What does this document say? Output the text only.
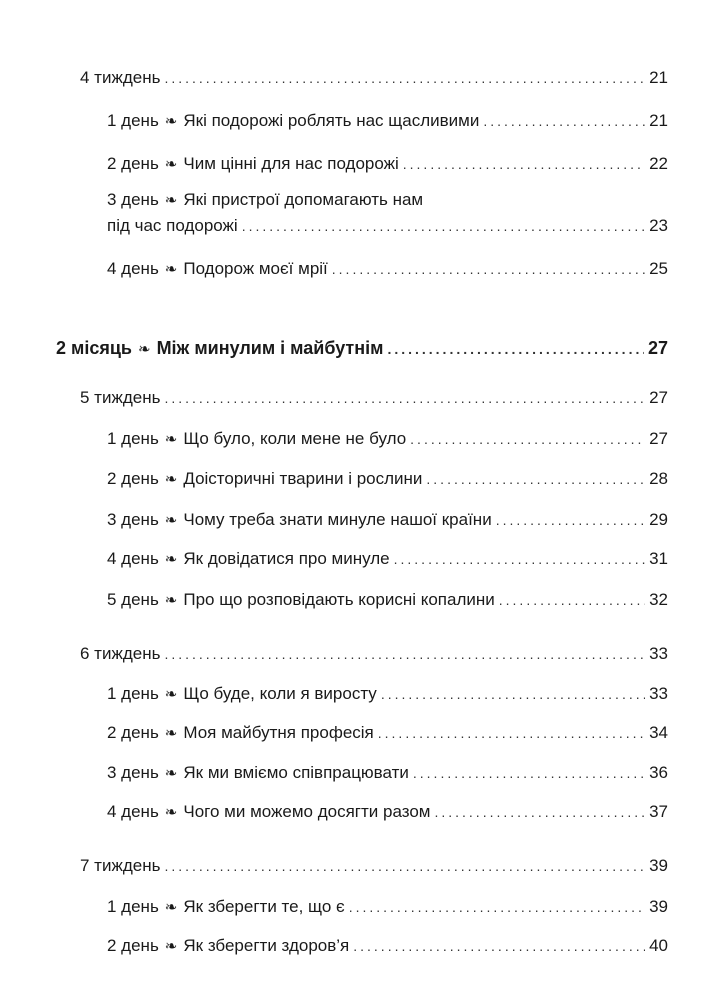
4 тиждень .....	21
1 день ❧ Які подорожі роблять нас щасливими .....	21
2 день ❧ Чим цінні для нас подорожі .....	22
3 день ❧ Які пристрої допомагають нам
під час подорожі .....	23
4 день ❧ Подорож моєї мрії .....	25
2 місяць ❧ Між минулим і майбутнім .....	27
5 тиждень .....	27
1 день ❧ Що було, коли мене не було .....	27
2 день ❧ Доісторичні тварини і рослини .....	28
3 день ❧ Чому треба знати минуле нашої країни .....	29
4 день ❧ Як довідатися про минуле .....	31
5 день ❧ Про що розповідають корисні копалини .....	32
6 тиждень .....	33
1 день ❧ Що буде, коли я виросту .....	33
2 день ❧ Моя майбутня професія .....	34
3 день ❧ Як ми вміємо співпрацювати .....	36
4 день ❧ Чого ми можемо досягти разом .....	37
7 тиждень .....	39
1 день ❧ Як зберегти те, що є .....	39
2 день ❧ Як зберегти здоров’я .....	40
